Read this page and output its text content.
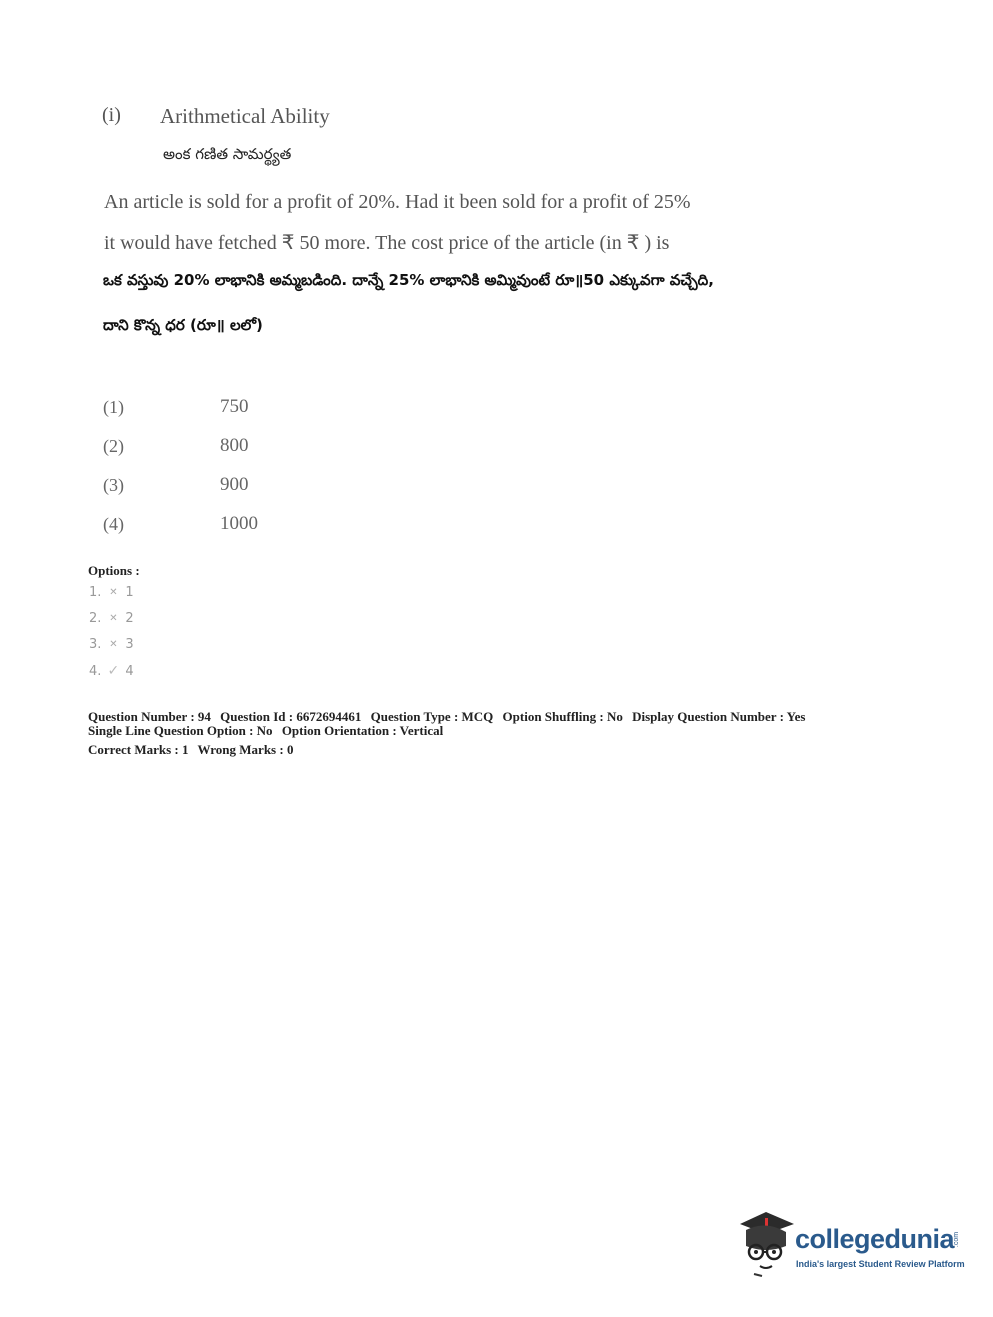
(i) Arithmetical Ability
అంక గణిత సామర్థ్యత
An article is sold for a profit of 20%. Had it been sold for a profit of 25%
it would have fetched ₹ 50 more. The cost price of the article (in ₹ ) is
ఒక వస్తువు 20% లాభానికి అమ్మబడింది. దాన్నే 25% లాభానికి అమ్మివుంటే రూ॥50 ఎక్కువగా వచ్చేది,
దాని కొన్న ధర (రూ॥ లలో)
(1)	750
(2)	800
(3)	900
(4)	1000
Options :
1. ✕ 1
2. ✕ 2
3. ✕ 3
4. ✓ 4
Question Number : 94 Question Id : 6672694461 Question Type : MCQ Option Shuffling : No Display Question Number : Yes
Single Line Question Option : No Option Orientation : Vertical
Correct Marks : 1 Wrong Marks : 0
collegedunia .com
India's largest Student Review Platform
